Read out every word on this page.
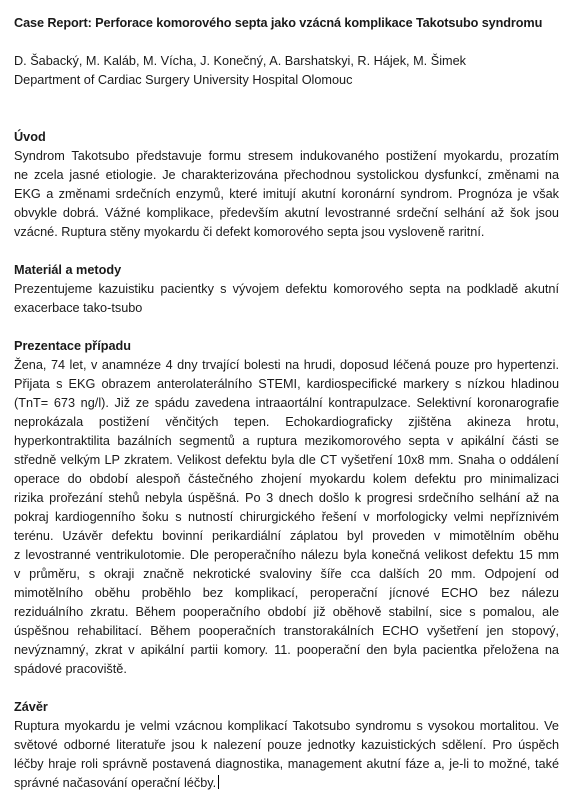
Case Report: Perforace komorového septa jako vzácná komplikace Takotsubo syndromu
D. Šabacký, M. Kaláb, M. Vícha, J. Konečný, A. Barshatskyi, R. Hájek, M. Šimek
Department of Cardiac Surgery University Hospital Olomouc
Úvod
Syndrom Takotsubo představuje formu stresem indukovaného postižení myokardu, prozatím
ne zcela jasné etiologie. Je charakterizována přechodnou systolickou dysfunkcí, změnami na
EKG a změnami srdečních enzymů, které imitují akutní koronární syndrom. Prognóza je však
obvykle dobrá. Vážné komplikace, především akutní levostranné srdeční selhání až šok jsou
vzácné. Ruptura stěny myokardu či defekt komorového septa jsou vysloveně raritní.
Materiál a metody
Prezentujeme kazuistiku pacientky s vývojem defektu komorového septa na podkladě akutní
exacerbace tako-tsubo
Prezentace případu
Žena, 74 let, v anamnéze 4 dny trvající bolesti na hrudi, doposud léčená pouze pro hypertenzi.
Přijata s EKG obrazem anterolaterálního STEMI, kardiospecifické markery s nízkou hladinou
(TnT= 673 ng/l). Již ze spádu zavedena intraaortální kontrapulzace. Selektivní koronarografie
neprokázala postižení věnčitých tepen. Echokardiograficky zjištěna akineza hrotu,
hyperkontraktilita bazálních segmentů a ruptura mezikomorového septa v apikální části se
středně velkým LP zkratem. Velikost defektu byla dle CT vyšetření 10x8 mm. Snaha o oddálení
operace do období alespoň částečného zhojení myokardu kolem defektu pro minimalizaci
rizika prořezání stehů nebyla úspěšná. Po 3 dnech došlo k progresi srdečního selhání až na
pokraj kardiogenního šoku s nutností chirurgického řešení v morfologicky velmi nepříznivém
terénu. Uzávěr defektu bovinní perikardiální záplatou byl proveden v mimotělním oběhu
z levostranné ventrikulotomie. Dle peroperačního nálezu byla konečná velikost defektu 15 mm
v průměru, s okraji značně nekrotické svaloviny šíře cca dalších 20 mm. Odpojení od
mimotělního oběhu proběhlo bez komplikací, peroperační jícnové ECHO bez nálezu
reziduálního zkratu. Během pooperačního období již oběhově stabilní, sice s pomalou, ale
úspěšnou rehabilitací. Během pooperačních transtorakálních ECHO vyšetření jen stopový,
nevýznamný, zkrat v apikální partii komory. 11. pooperační den byla pacientka přeložena na
spádové pracoviště.
Závěr
Ruptura myokardu je velmi vzácnou komplikací Takotsubo syndromu s vysokou mortalitou. Ve
světové odborné literatuře jsou k nalezení pouze jednotky kazuistických sdělení. Pro úspěch
léčby hraje roli správně postavená diagnostika, management akutní fáze a, je-li to možné, také
správné načasování operační léčby.
